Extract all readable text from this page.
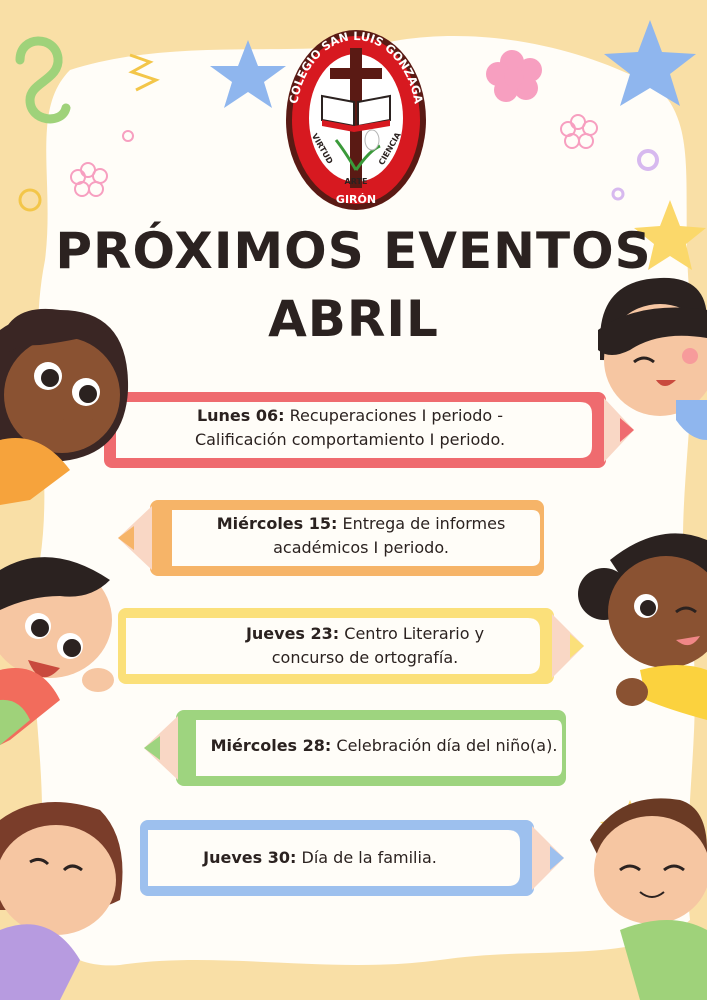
COLEGIO SAN LUIS GONZAGA
VIRTUD
ARTE
CIENCIA
GIRÓN
PRÓXIMOS EVENTOS
ABRIL
Lunes 06: Recuperaciones I periodo -
Calificación comportamiento I periodo.
Miércoles 15: Entrega de informes
académicos I periodo.
Jueves 23: Centro Literario y
concurso de ortografía.
Miércoles 28: Celebración día del niño(a).
Jueves 30: Día de la familia.
